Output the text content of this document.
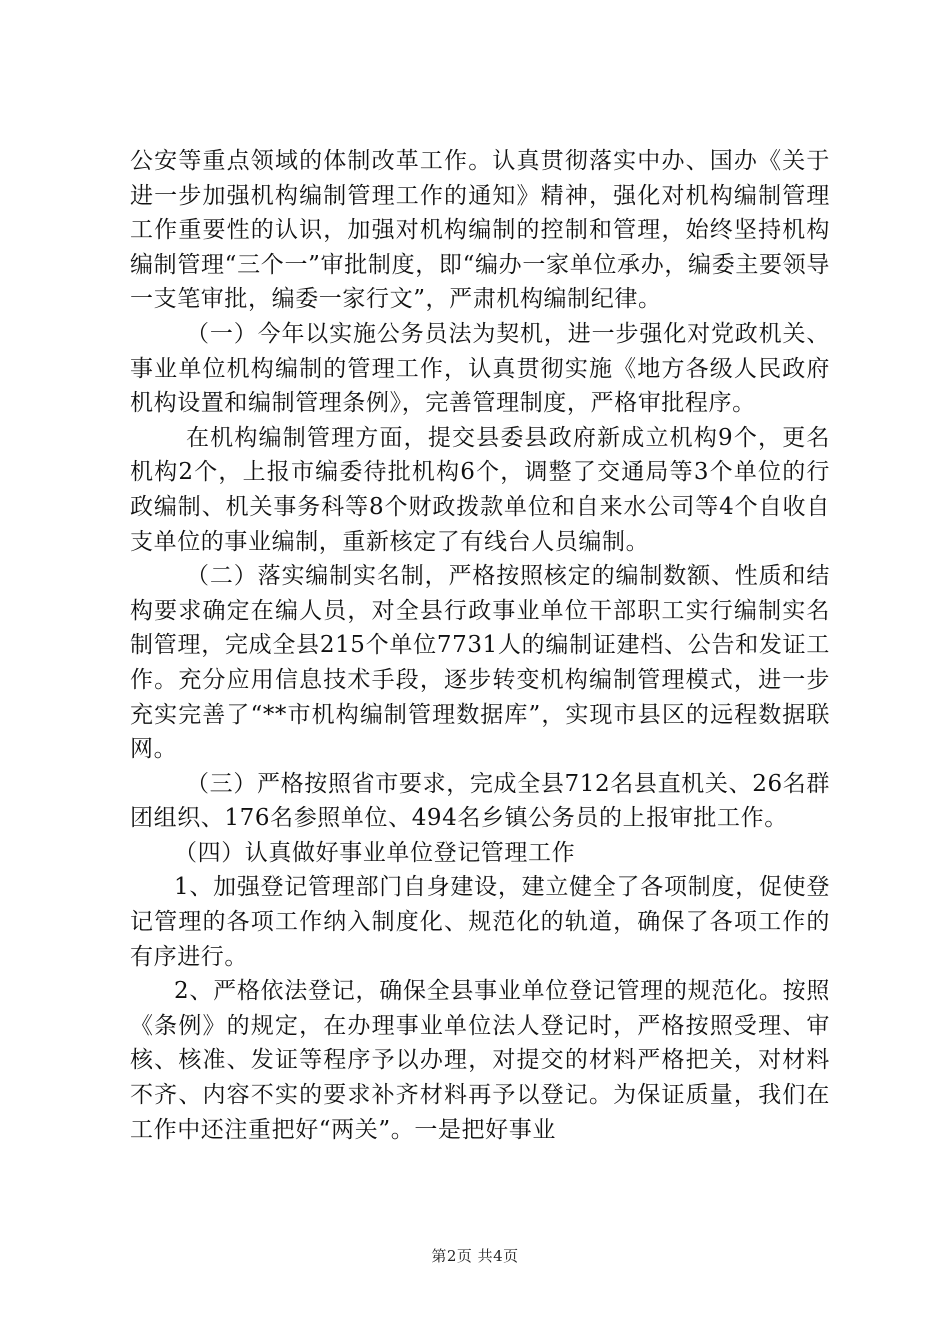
公安等重点领域的体制改革工作。认真贯彻落实中办、国办《关于进一步加强机构编制管理工作的通知》精神，强化对机构编制管理工作重要性的认识，加强对机构编制的控制和管理，始终坚持机构编制管理“三个一”审批制度，即“编办一家单位承办，编委主要领导一支笔审批，编委一家行文”，严肃机构编制纪律。

（一）今年以实施公务员法为契机，进一步强化对党政机关、事业单位机构编制的管理工作，认真贯彻实施《地方各级人民政府机构设置和编制管理条例》，完善管理制度，严格审批程序。

在机构编制管理方面，提交县委县政府新成立机构9个，更名机构2个，上报市编委待批机构6个，调整了交通局等3个单位的行政编制、机关事务科等8个财政拨款单位和自来水公司等4个自收自支单位的事业编制，重新核定了有线台人员编制。

（二）落实编制实名制，严格按照核定的编制数额、性质和结构要求确定在编人员，对全县行政事业单位干部职工实行编制实名制管理，完成全县215个单位7731人的编制证建档、公告和发证工作。充分应用信息技术手段，逐步转变机构编制管理模式，进一步充实完善了“**市机构编制管理数据库”，实现市县区的远程数据联网。

（三）严格按照省市要求，完成全县712名县直机关、26名群团组织、176名参照单位、494名乡镇公务员的上报审批工作。

（四）认真做好事业单位登记管理工作

1、加强登记管理部门自身建设，建立健全了各项制度，促使登记管理的各项工作纳入制度化、规范化的轨道，确保了各项工作的有序进行。

2、严格依法登记，确保全县事业单位登记管理的规范化。按照《条例》的规定，在办理事业单位法人登记时，严格按照受理、审核、核准、发证等程序予以办理，对提交的材料严格把关，对材料不齐、内容不实的要求补齐材料再予以登记。为保证质量，我们在工作中还注重把好“两关”。一是把好事业

第2页 共4页
